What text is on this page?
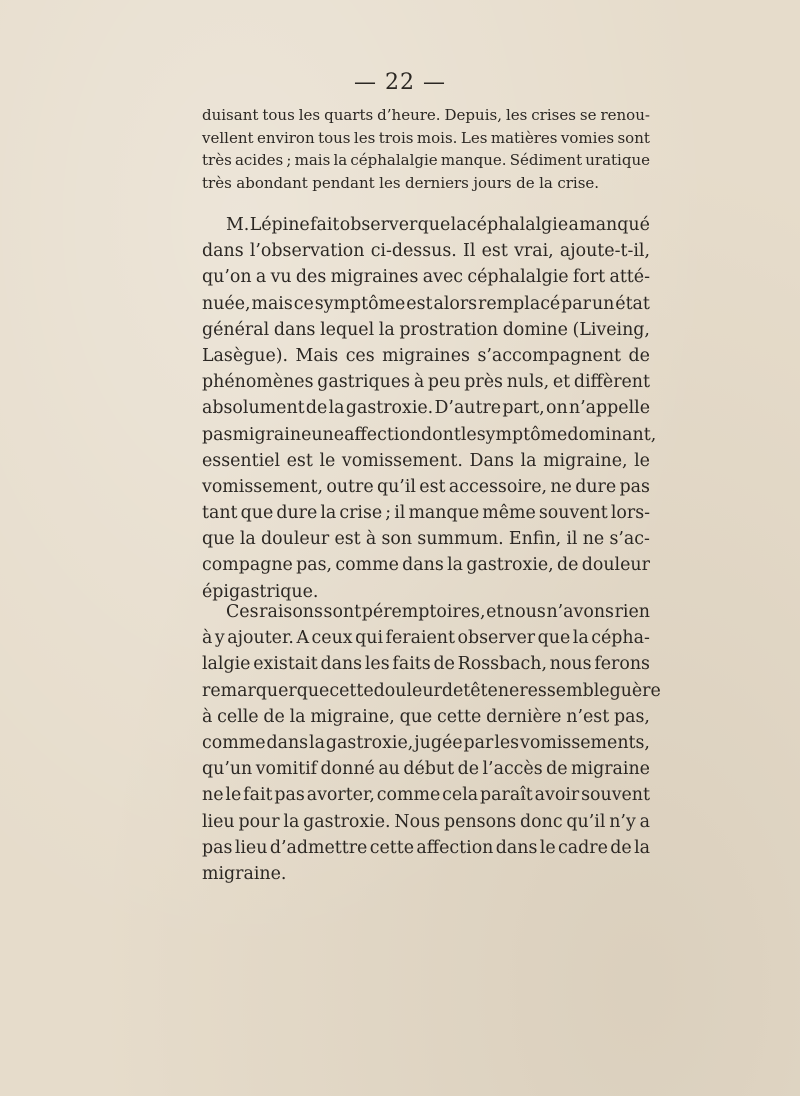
— 22 —
duisant tous les quarts d’heure. Depuis, les crises se renou-
vellent environ tous les trois mois. Les matières vomies sont
très acides ; mais la céphalalgie manque. Sédiment uratique
très abondant pendant les derniers jours de la crise.
M. Lépine fait observer que la céphalalgie a manqué
dans l’observation ci-dessus. Il est vrai, ajoute-t-il,
qu’on a vu des migraines avec céphalalgie fort atté-
nuée, mais ce symptôme est alors remplacé par un état
général dans lequel la prostration domine (Liveing,
Lasègue). Mais ces migraines s’accompagnent de
phénomènes gastriques à peu près nuls, et diffèrent
absolument de la gastroxie. D’autre part, on n’appelle
pas migraine une affection dont le symptôme dominant,
essentiel est le vomissement. Dans la migraine, le
vomissement, outre qu’il est accessoire, ne dure pas
tant que dure la crise ; il manque même souvent lors-
que la douleur est à son summum. Enfin, il ne s’ac-
compagne pas, comme dans la gastroxie, de douleur
épigastrique.
Ces raisons sont péremptoires, et nous n’avons rien
à y ajouter. A ceux qui feraient observer que la cépha-
lalgie existait dans les faits de Rossbach, nous ferons
remarquer que cette douleur de tête ne ressemble guère
à celle de la migraine, que cette dernière n’est pas,
comme dans la gastroxie, jugée par les vomissements,
qu’un vomitif donné au début de l’accès de migraine
ne le fait pas avorter, comme cela paraît avoir souvent
lieu pour la gastroxie. Nous pensons donc qu’il n’y a
pas lieu d’admettre cette affection dans le cadre de la
migraine.
